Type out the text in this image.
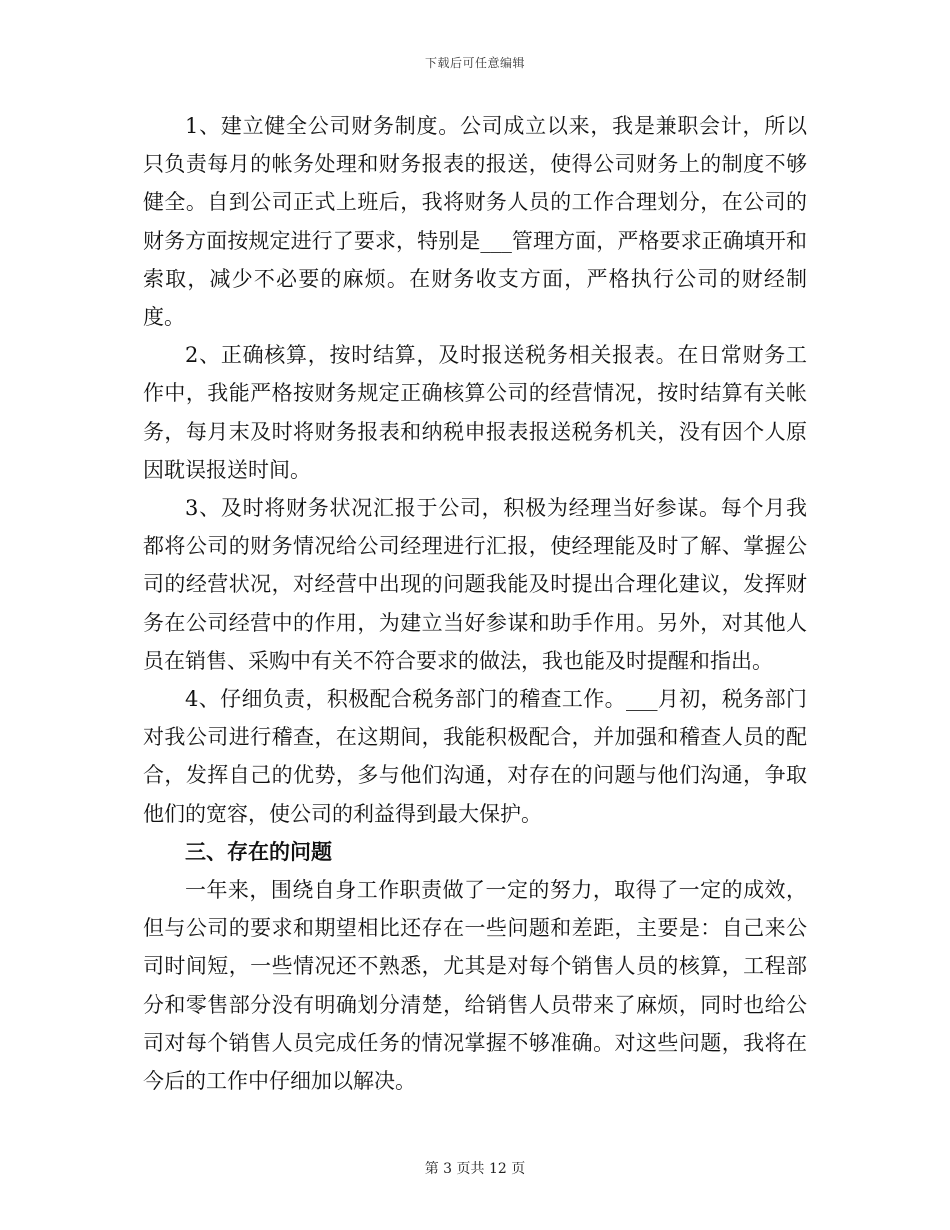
下载后可任意编辑

1、建立健全公司财务制度。公司成立以来，我是兼职会计，所以只负责每月的帐务处理和财务报表的报送，使得公司财务上的制度不够健全。自到公司正式上班后，我将财务人员的工作合理划分，在公司的财务方面按规定进行了要求，特别是___管理方面，严格要求正确填开和索取，减少不必要的麻烦。在财务收支方面，严格执行公司的财经制度。

2、正确核算，按时结算，及时报送税务相关报表。在日常财务工作中，我能严格按财务规定正确核算公司的经营情况，按时结算有关帐务，每月末及时将财务报表和纳税申报表报送税务机关，没有因个人原因耽误报送时间。

3、及时将财务状况汇报于公司，积极为经理当好参谋。每个月我都将公司的财务情况给公司经理进行汇报，使经理能及时了解、掌握公司的经营状况，对经营中出现的问题我能及时提出合理化建议，发挥财务在公司经营中的作用，为建立当好参谋和助手作用。另外，对其他人员在销售、采购中有关不符合要求的做法，我也能及时提醒和指出。

4、仔细负责，积极配合税务部门的稽查工作。___月初，税务部门对我公司进行稽查，在这期间，我能积极配合，并加强和稽查人员的配合，发挥自己的优势，多与他们沟通，对存在的问题与他们沟通，争取他们的宽容，使公司的利益得到最大保护。

三、存在的问题

一年来，围绕自身工作职责做了一定的努力，取得了一定的成效，但与公司的要求和期望相比还存在一些问题和差距，主要是：自己来公司时间短，一些情况还不熟悉，尤其是对每个销售人员的核算，工程部分和零售部分没有明确划分清楚，给销售人员带来了麻烦，同时也给公司对每个销售人员完成任务的情况掌握不够准确。对这些问题，我将在今后的工作中仔细加以解决。

第 3 页共 12 页
